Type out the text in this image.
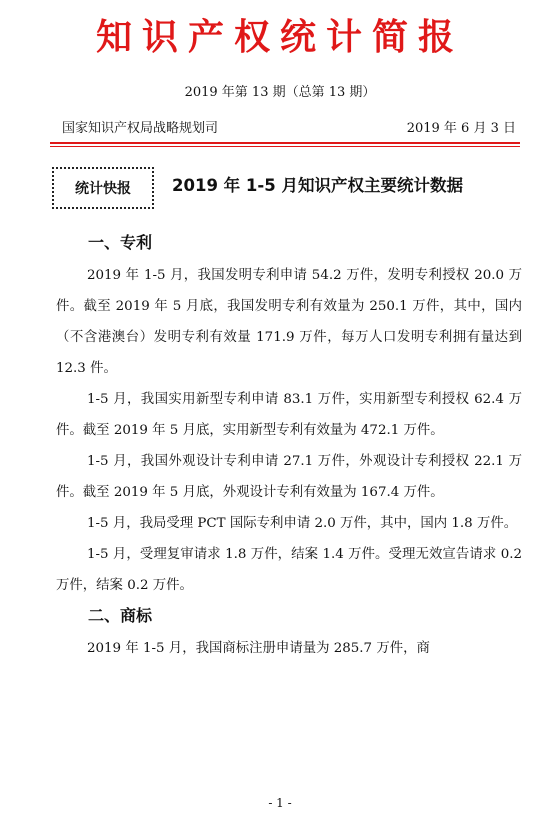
知识产权统计简报
2019 年第 13 期（总第 13 期）
国家知识产权局战略规划司	2019 年 6 月 3 日
统计快报	2019 年 1-5 月知识产权主要统计数据
一、专利

2019 年 1-5 月，我国发明专利申请 54.2 万件，发明专利授权 20.0 万件。截至 2019 年 5 月底，我国发明专利有效量为 250.1 万件，其中，国内（不含港澳台）发明专利有效量 171.9 万件，每万人口发明专利拥有量达到 12.3 件。

1-5 月，我国实用新型专利申请 83.1 万件，实用新型专利授权 62.4 万件。截至 2019 年 5 月底，实用新型专利有效量为 472.1 万件。

1-5 月，我国外观设计专利申请 27.1 万件，外观设计专利授权 22.1 万件。截至 2019 年 5 月底，外观设计专利有效量为 167.4 万件。

1-5 月，我局受理 PCT 国际专利申请 2.0 万件，其中，国内 1.8 万件。

1-5 月，受理复审请求 1.8 万件，结案 1.4 万件。受理无效宣告请求 0.2 万件，结案 0.2 万件。

二、商标

2019 年 1-5 月，我国商标注册申请量为 285.7 万件，商

- 1 -
